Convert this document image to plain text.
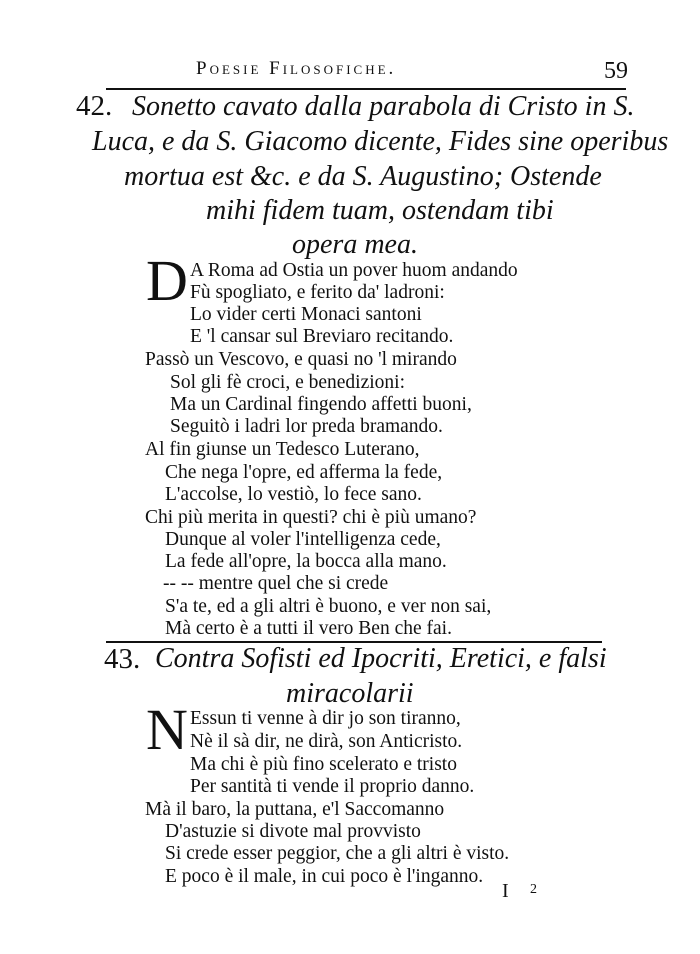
Poesie Filosofiche.	59
42. Sonetto cavato dalla parabola di Cristo in S.
Luca, e da S. Giacomo dicente, Fides sine operibus
mortua est &c. e da S. Augustino; Ostende
mihi fidem tuam, ostendam tibi
opera mea.
D A Roma ad Ostia un pover huom andando
Fù spogliato, e ferito da' ladroni:
Lo vider certi Monaci santoni
E 'l cansar sul Breviaro recitando.
Passò un Vescovo, e quasi no 'l mirando
Sol gli fè croci, e benedizioni:
Ma un Cardinal fingendo affetti buoni,
Seguitò i ladri lor preda bramando.
Al fin giunse un Tedesco Luterano,
Che nega l'opre, ed afferma la fede,
L'accolse, lo vestiò, lo fece sano.
Chi più merita in questi? chi è più umano?
Dunque al voler l'intelligenza cede,
La fede all'opre, la bocca alla mano.
-- -- mentre quel che si crede
S'a te, ed a gli altri è buono, e ver non sai,
Mà certo è a tutti il vero Ben che fai.
43. Contra Sofisti ed Ipocriti, Eretici, e falsi
miracolarii
N Essun ti venne à dir jo son tiranno,
Nè il sà dir, ne dirà, son Anticristo.
Ma chi è più fino scelerato e tristo
Per santità ti vende il proprio danno.
Mà il baro, la puttana, e'l Saccomanno
D'astuzie si divote mal provvisto
Si crede esser peggior, che a gli altri è visto.
E poco è il male, in cui poco è l'inganno.
I 2
